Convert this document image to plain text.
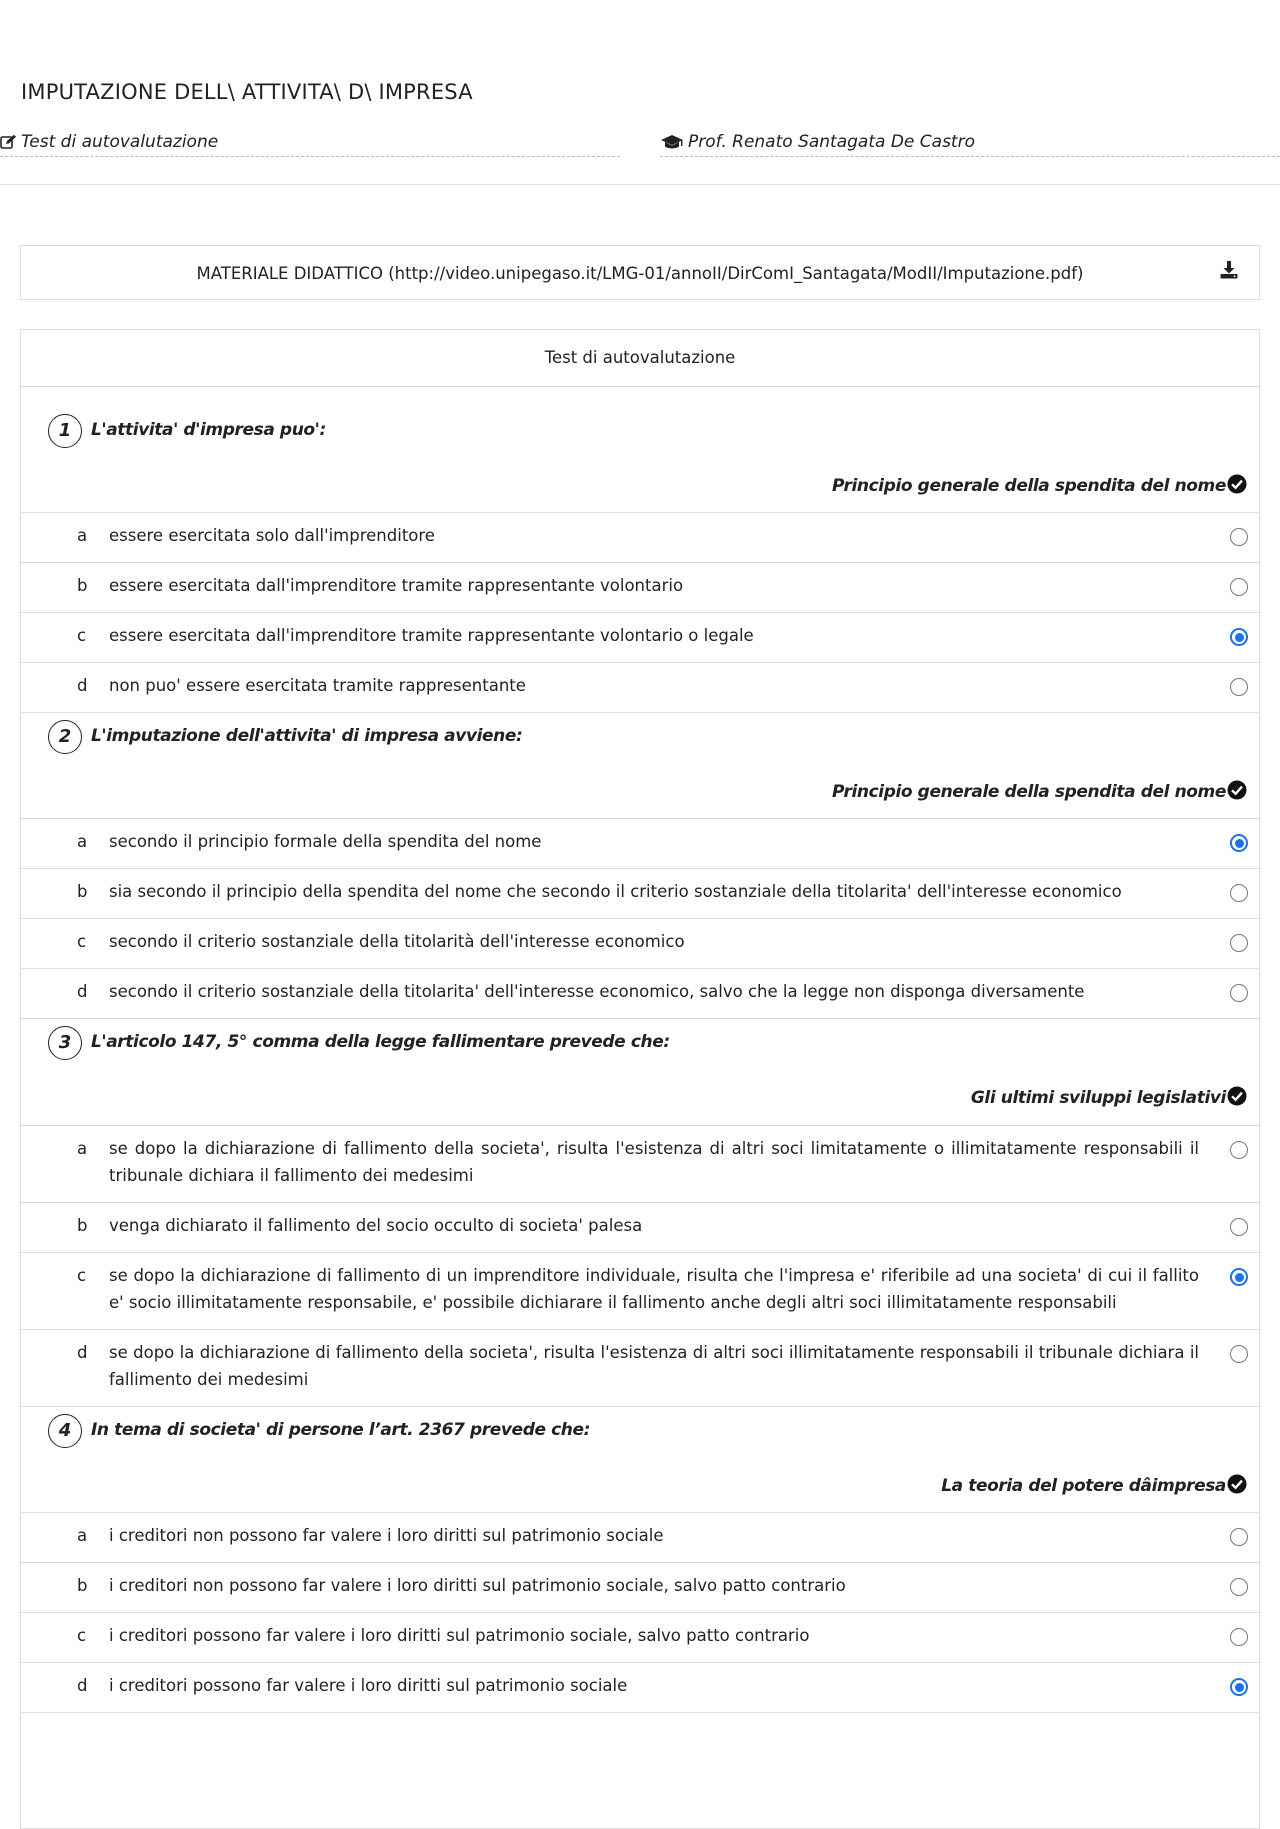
IMPUTAZIONE DELL\ ATTIVITA\ D\ IMPRESA
Test di autovalutazione	Prof. Renato Santagata De Castro
MATERIALE DIDATTICO (http://video.unipegaso.it/LMG-01/annoII/DirComI_Santagata/ModII/Imputazione.pdf)
Test di autovalutazione
1	L'attivita' d'impresa puo':
Principio generale della spendita del nome
a essere esercitata solo dall'imprenditore
b essere esercitata dall'imprenditore tramite rappresentante volontario
c essere esercitata dall'imprenditore tramite rappresentante volontario o legale
d non puo' essere esercitata tramite rappresentante
2	L'imputazione dell'attivita' di impresa avviene:
Principio generale della spendita del nome
a secondo il principio formale della spendita del nome
b sia secondo il principio della spendita del nome che secondo il criterio sostanziale della titolarita' dell'interesse economico
c secondo il criterio sostanziale della titolarità dell'interesse economico
d secondo il criterio sostanziale della titolarita' dell'interesse economico, salvo che la legge non disponga diversamente
3	L'articolo 147, 5° comma della legge fallimentare prevede che:
Gli ultimi sviluppi legislativi
a se dopo la dichiarazione di fallimento della societa', risulta l'esistenza di altri soci limitatamente o illimitatamente responsabili il tribunale dichiara il fallimento dei medesimi
b venga dichiarato il fallimento del socio occulto di societa' palesa
c se dopo la dichiarazione di fallimento di un imprenditore individuale, risulta che l'impresa e' riferibile ad una societa' di cui il fallito e' socio illimitatamente responsabile, e' possibile dichiarare il fallimento anche degli altri soci illimitatamente responsabili
d se dopo la dichiarazione di fallimento della societa', risulta l'esistenza di altri soci illimitatamente responsabili il tribunale dichiara il fallimento dei medesimi
4	In tema di societa' di persone l’art. 2367 prevede che:
La teoria del potere dâimpresa
a i creditori non possono far valere i loro diritti sul patrimonio sociale
b i creditori non possono far valere i loro diritti sul patrimonio sociale, salvo patto contrario
c i creditori possono far valere i loro diritti sul patrimonio sociale, salvo patto contrario
d i creditori possono far valere i loro diritti sul patrimonio sociale
